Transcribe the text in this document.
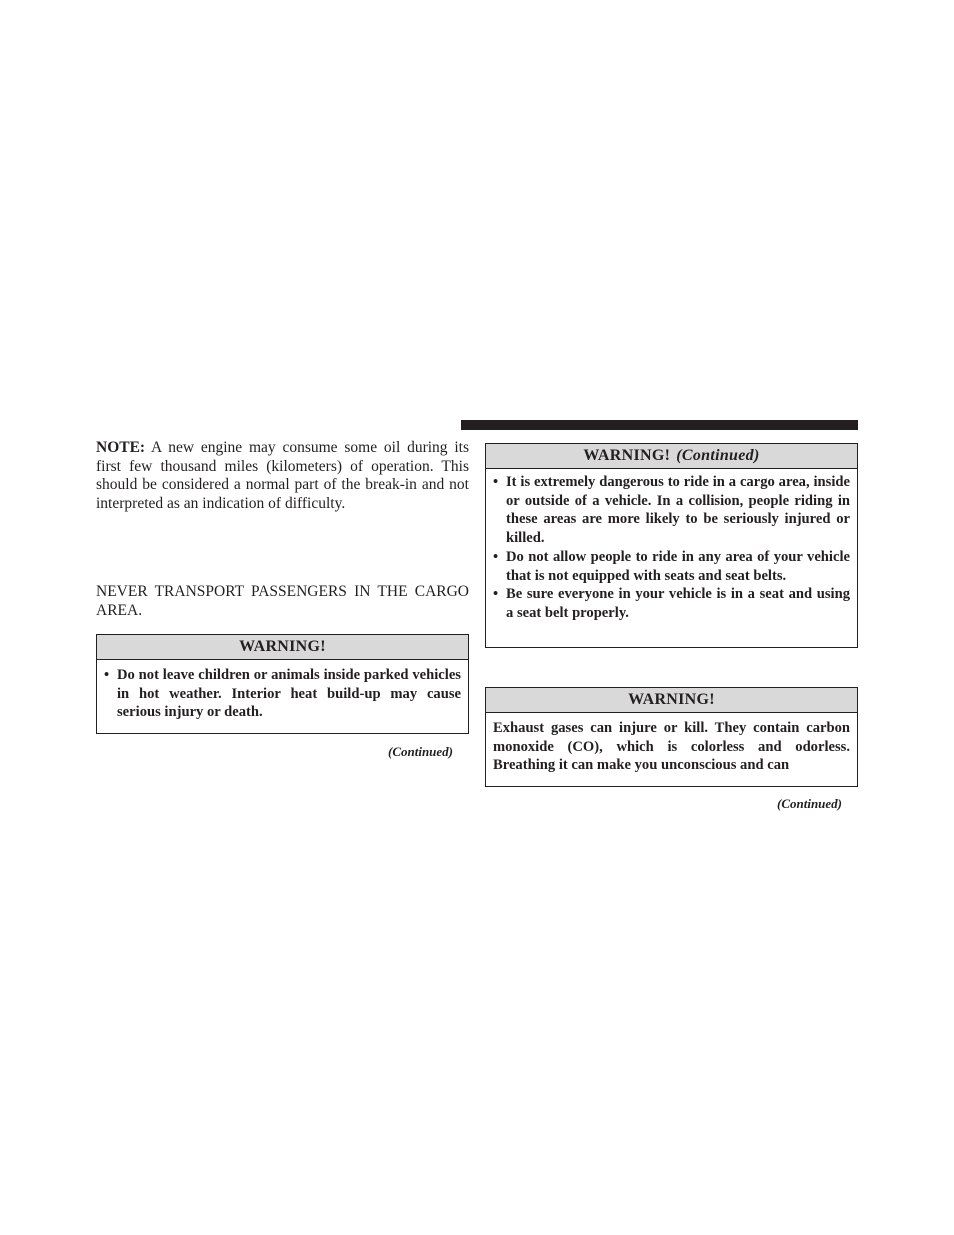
NOTE: A new engine may consume some oil during its first few thousand miles (kilometers) of operation. This should be considered a normal part of the break-in and not interpreted as an indication of difficulty.

NEVER TRANSPORT PASSENGERS IN THE CARGO AREA.

WARNING!
• Do not leave children or animals inside parked vehicles in hot weather. Interior heat build-up may cause serious injury or death.
(Continued)
WARNING! (Continued)
• It is extremely dangerous to ride in a cargo area, inside or outside of a vehicle. In a collision, people riding in these areas are more likely to be seriously injured or killed.
• Do not allow people to ride in any area of your vehicle that is not equipped with seats and seat belts.
• Be sure everyone in your vehicle is in a seat and using a seat belt properly.
WARNING!

Exhaust gases can injure or kill. They contain carbon monoxide (CO), which is colorless and odorless. Breathing it can make you unconscious and can

(Continued)
